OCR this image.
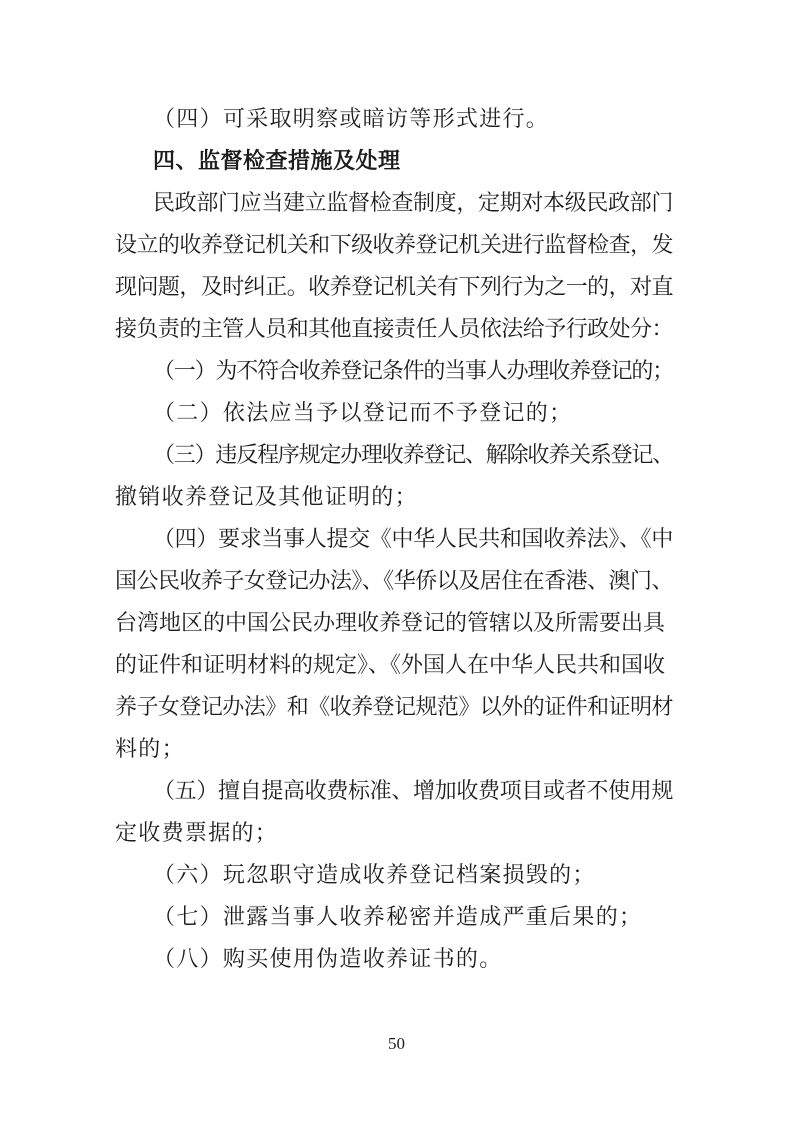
（四）可采取明察或暗访等形式进行。
四、监督检查措施及处理
民政部门应当建立监督检查制度，定期对本级民政部门
设立的收养登记机关和下级收养登记机关进行监督检查，发
现问题，及时纠正。收养登记机关有下列行为之一的，对直
接负责的主管人员和其他直接责任人员依法给予行政处分：
（一）为不符合收养登记条件的当事人办理收养登记的；
（二）依法应当予以登记而不予登记的；
（三）违反程序规定办理收养登记、解除收养关系登记、
撤销收养登记及其他证明的；
（四）要求当事人提交《中华人民共和国收养法》、《中
国公民收养子女登记办法》、《华侨以及居住在香港、澳门、
台湾地区的中国公民办理收养登记的管辖以及所需要出具
的证件和证明材料的规定》、《外国人在中华人民共和国收
养子女登记办法》和《收养登记规范》以外的证件和证明材
料的；
（五）擅自提高收费标准、增加收费项目或者不使用规
定收费票据的；
（六）玩忽职守造成收养登记档案损毁的；
（七）泄露当事人收养秘密并造成严重后果的；
（八）购买使用伪造收养证书的。
50
